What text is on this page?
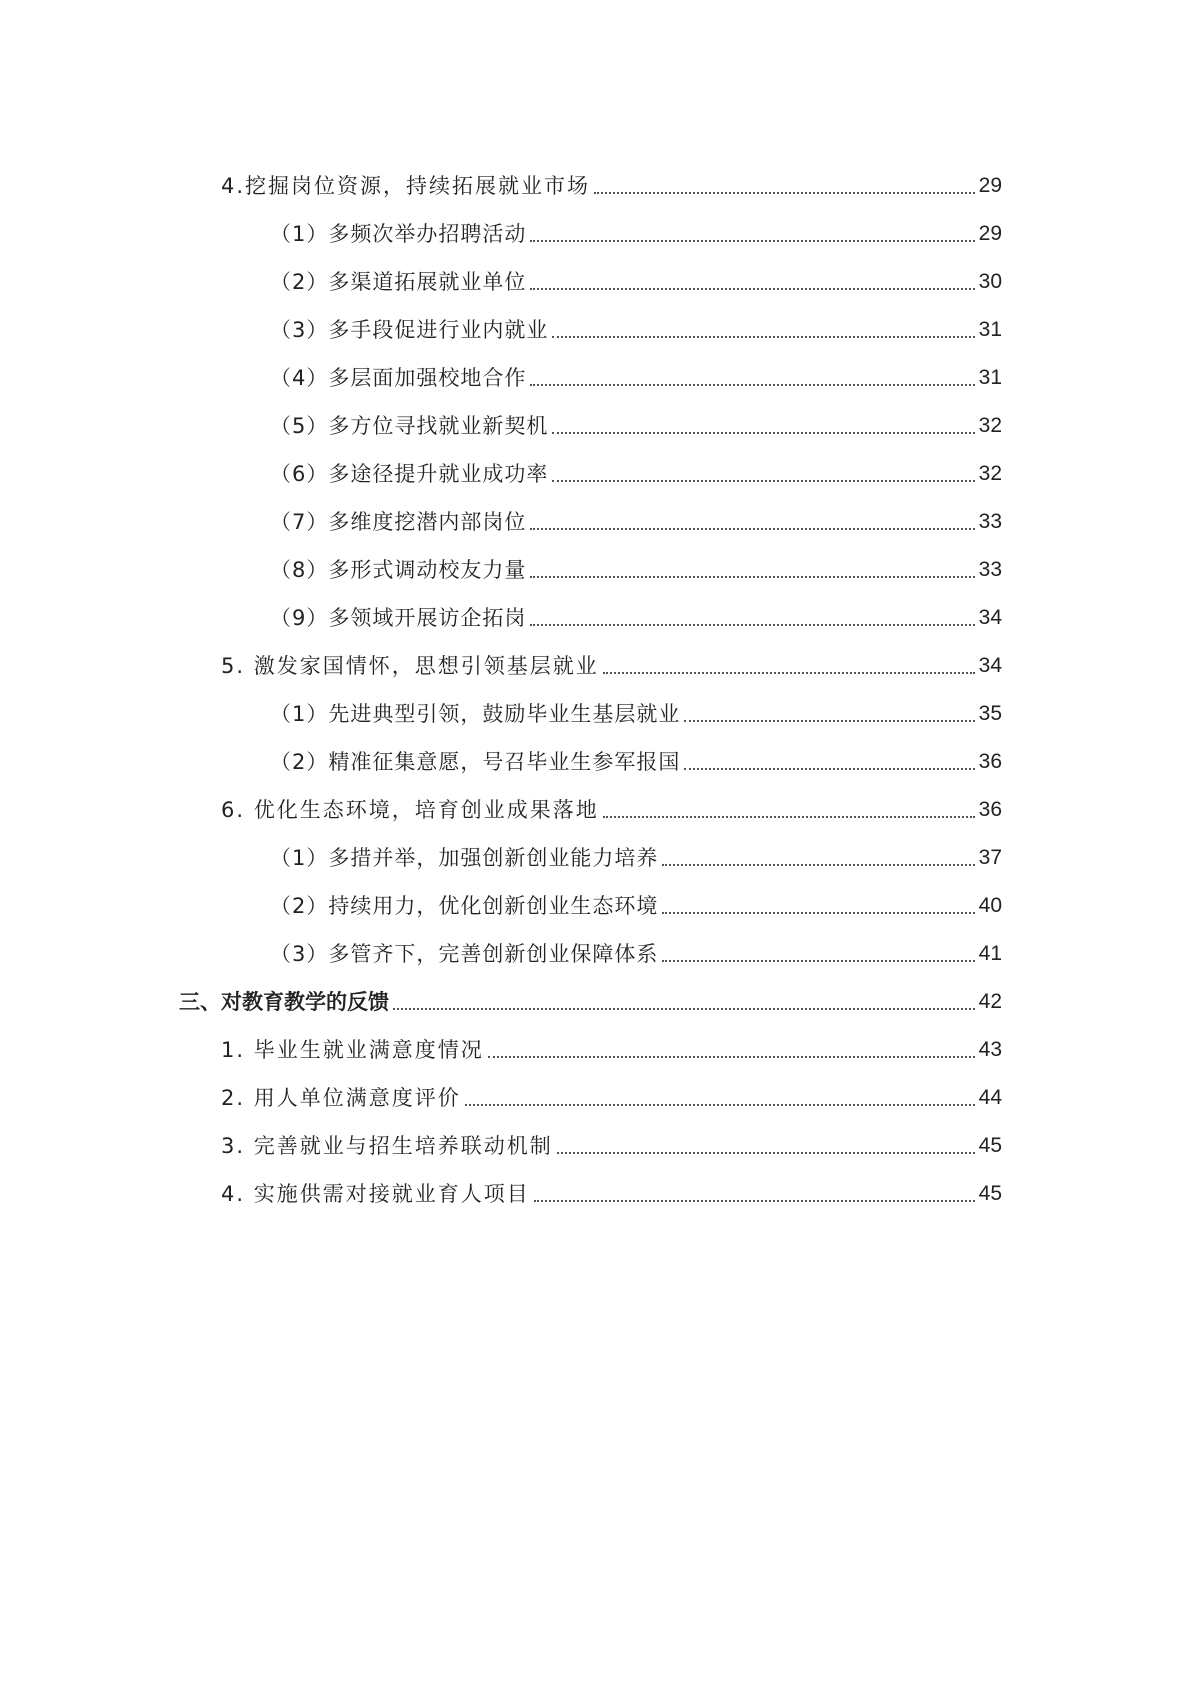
4.挖掘岗位资源，持续拓展就业市场	29
（1）多频次举办招聘活动	29
（2）多渠道拓展就业单位	30
（3）多手段促进行业内就业	31
（4）多层面加强校地合作	31
（5）多方位寻找就业新契机	32
（6）多途径提升就业成功率	32
（7）多维度挖潜内部岗位	33
（8）多形式调动校友力量	33
（9）多领域开展访企拓岗	34
5. 激发家国情怀，思想引领基层就业	34
（1）先进典型引领，鼓励毕业生基层就业	35
（2）精准征集意愿，号召毕业生参军报国	36
6. 优化生态环境，培育创业成果落地	36
（1）多措并举，加强创新创业能力培养	37
（2）持续用力，优化创新创业生态环境	40
（3）多管齐下，完善创新创业保障体系	41
三、对教育教学的反馈	42
1. 毕业生就业满意度情况	43
2. 用人单位满意度评价	44
3. 完善就业与招生培养联动机制	45
4. 实施供需对接就业育人项目	45
